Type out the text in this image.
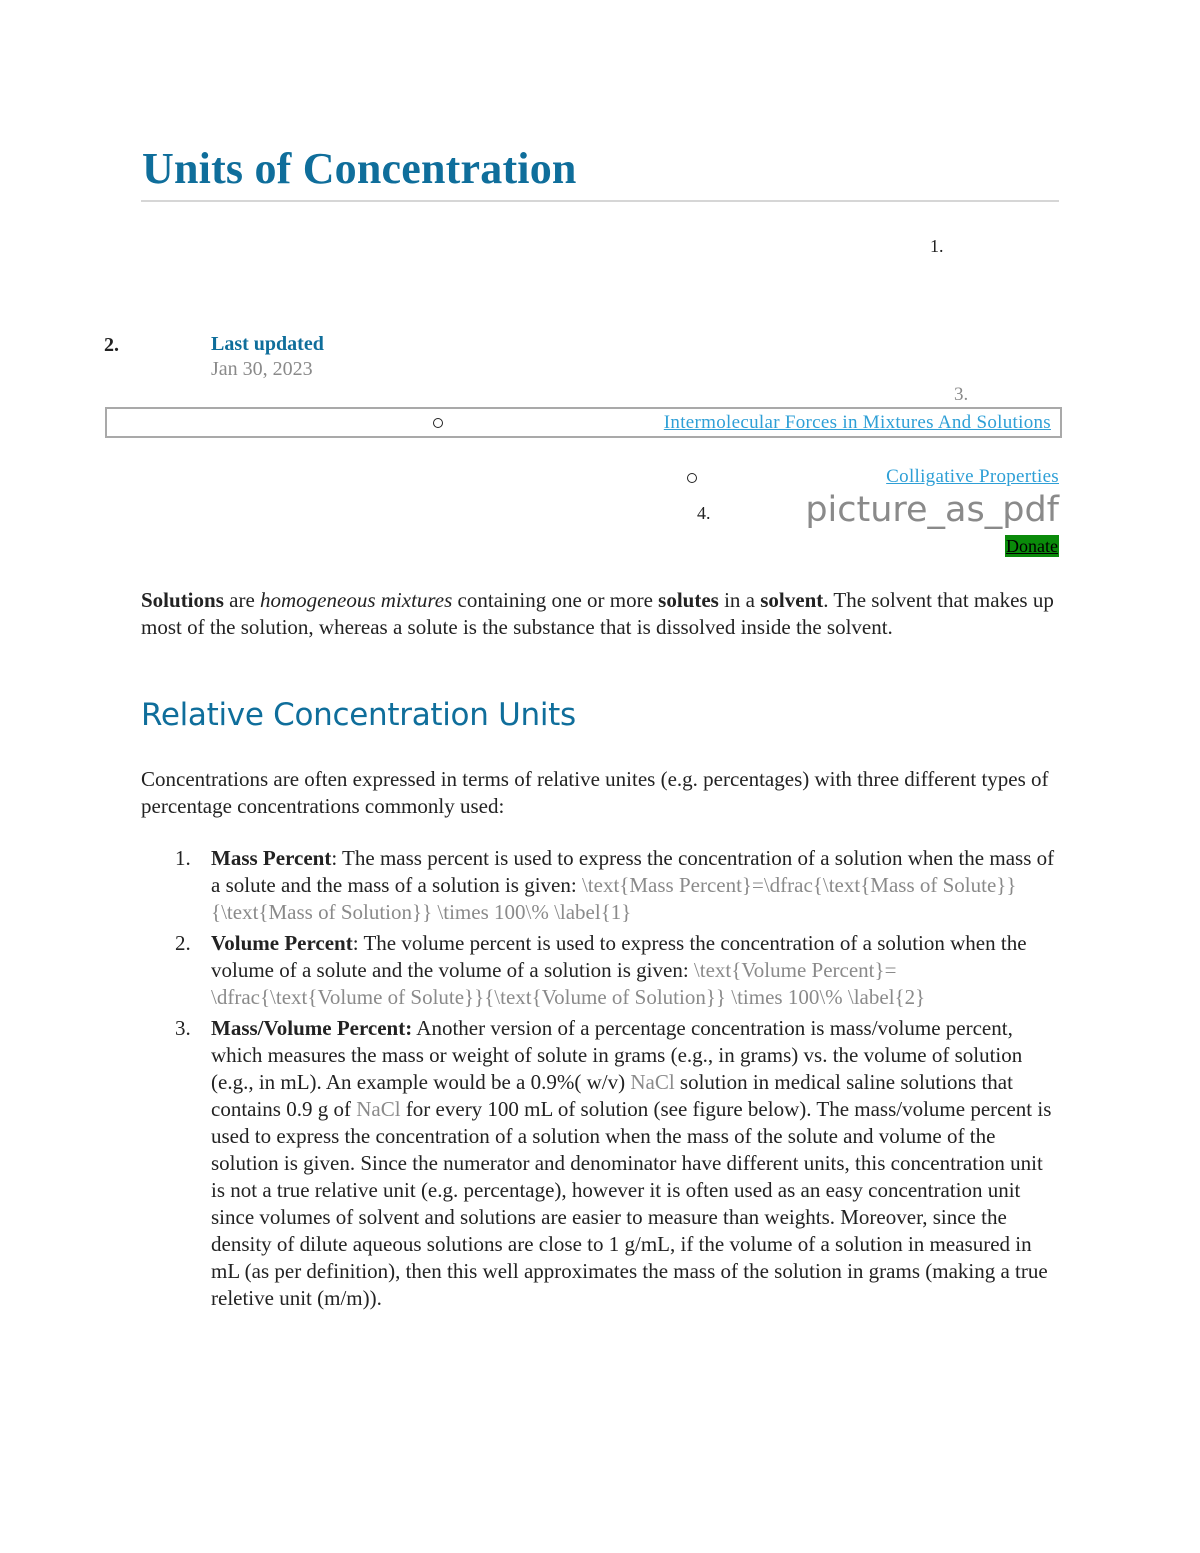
Units of Concentration
1.
2.	Last updated
Jan 30, 2023
3.
Intermolecular Forces in Mixtures And Solutions
Colligative Properties
4.	picture_as_pdf
Donate

Solutions are homogeneous mixtures containing one or more solutes in a solvent. The solvent that makes up most of the solution, whereas a solute is the substance that is dissolved inside the solvent.

Relative Concentration Units

Concentrations are often expressed in terms of relative unites (e.g. percentages) with three different types of percentage concentrations commonly used:

1. Mass Percent: The mass percent is used to express the concentration of a solution when the mass of a solute and the mass of a solution is given: \text{Mass Percent}=\dfrac{\text{Mass of Solute}}{\text{Mass of Solution}} \times 100\% \label{1}
2. Volume Percent: The volume percent is used to express the concentration of a solution when the volume of a solute and the volume of a solution is given: \text{Volume Percent}= \dfrac{\text{Volume of Solute}}{\text{Volume of Solution}} \times 100\% \label{2}
3. Mass/Volume Percent: Another version of a percentage concentration is mass/volume percent, which measures the mass or weight of solute in grams (e.g., in grams) vs. the volume of solution (e.g., in mL). An example would be a 0.9%( w/v) NaCl solution in medical saline solutions that contains 0.9 g of NaCl for every 100 mL of solution (see figure below). The mass/volume percent is used to express the concentration of a solution when the mass of the solute and volume of the solution is given. Since the numerator and denominator have different units, this concentration unit is not a true relative unit (e.g. percentage), however it is often used as an easy concentration unit since volumes of solvent and solutions are easier to measure than weights. Moreover, since the density of dilute aqueous solutions are close to 1 g/mL, if the volume of a solution in measured in mL (as per definition), then this well approximates the mass of the solution in grams (making a true reletive unit (m/m)).
